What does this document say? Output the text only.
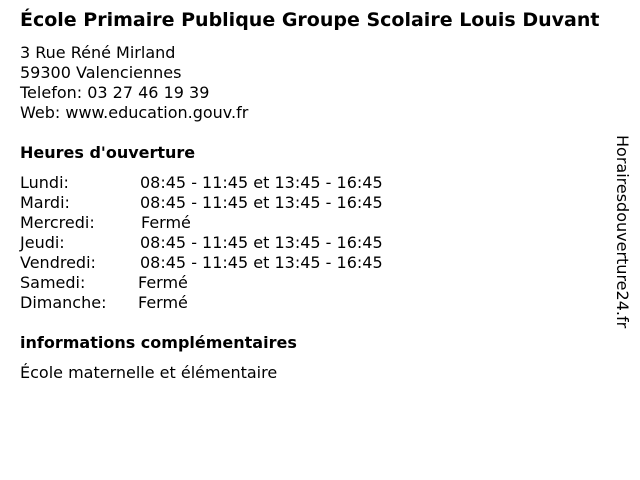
École Primaire Publique Groupe Scolaire Louis Duvant
3 Rue Réné Mirland
59300 Valenciennes
Telefon: 03 27 46 19 39
Web: www.education.gouv.fr
Heures d'ouverture
Lundi:	08:45 - 11:45 et 13:45 - 16:45
Mardi:	08:45 - 11:45 et 13:45 - 16:45
Mercredi:	Fermé
Jeudi:	08:45 - 11:45 et 13:45 - 16:45
Vendredi:	08:45 - 11:45 et 13:45 - 16:45
Samedi:	Fermé
Dimanche: Fermé
informations complémentaires
École maternelle et élémentaire
Horairesdouverture24.fr
